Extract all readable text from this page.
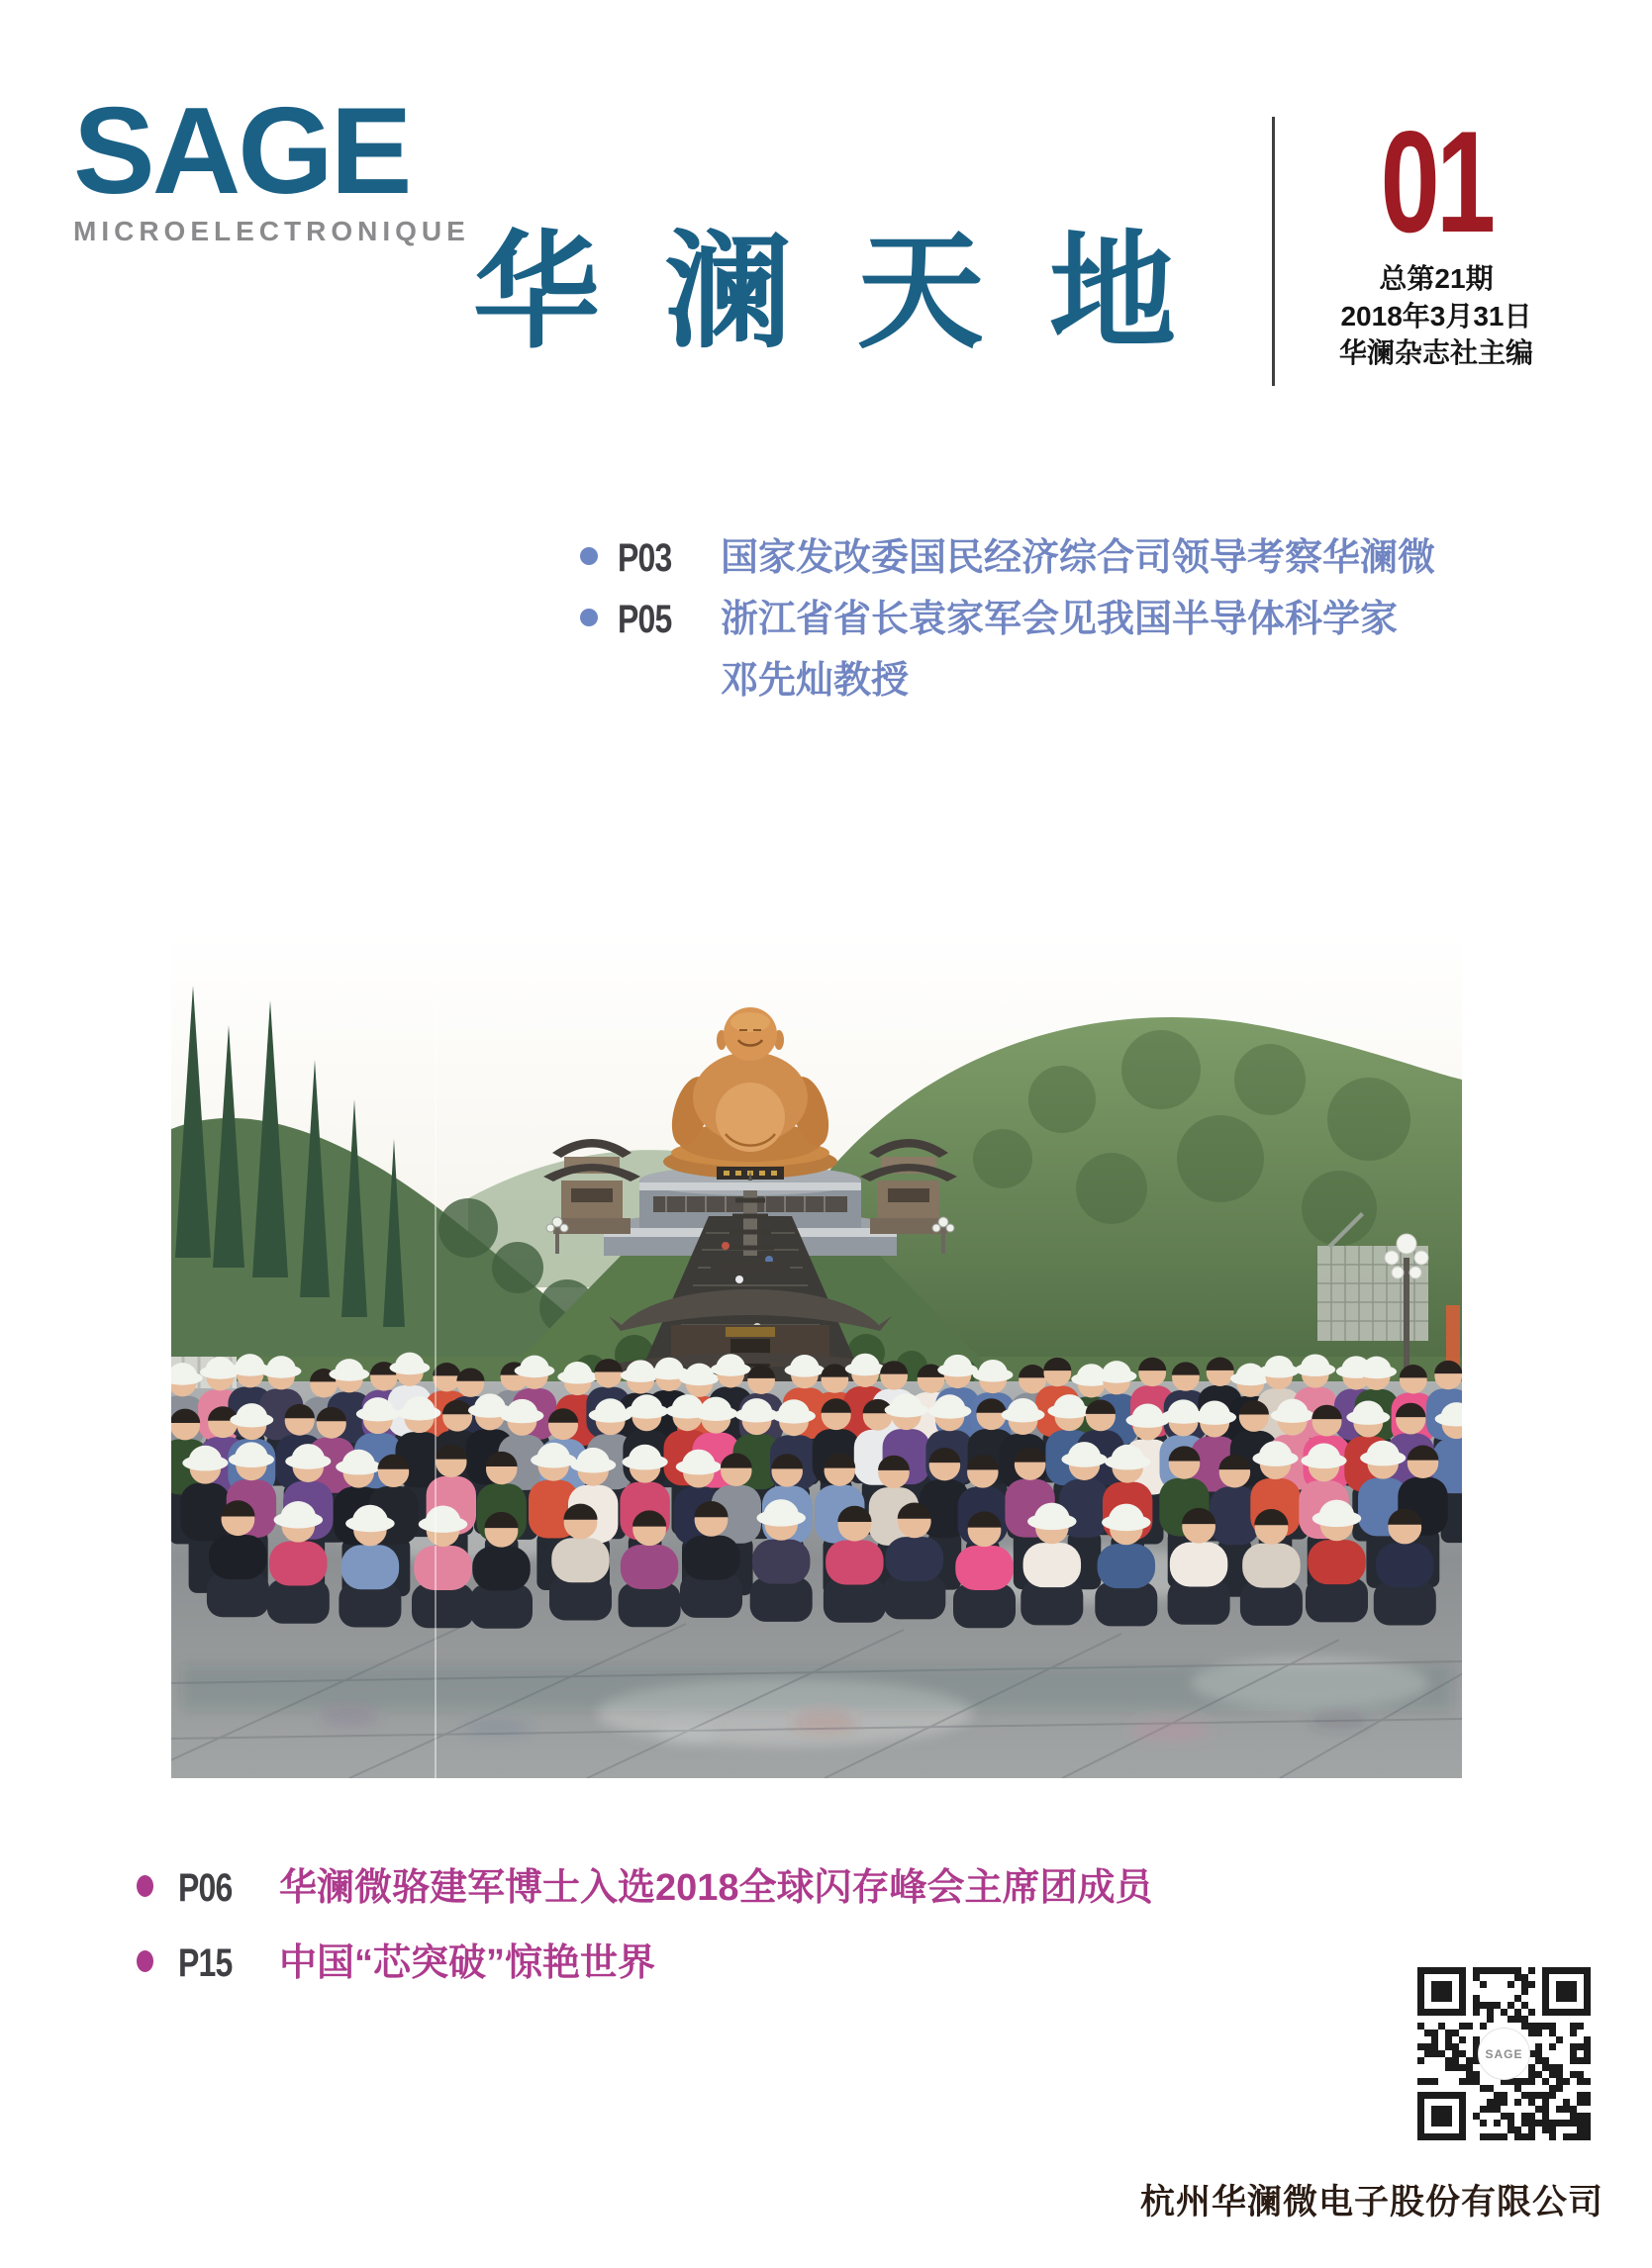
SAGE
MICROELECTRONIQUE 华澜天地
01
总第21期
2018年3月31日
华澜杂志社主编
P03	国家发改委国民经济综合司领导考察华澜微
P05	浙江省省长袁家军会见我国半导体科学家
邓先灿教授
P06	华澜微骆建军博士入选2018全球闪存峰会主席团成员
P15	中国“芯突破”惊艳世界
SAGE
杭州华澜微电子股份有限公司
